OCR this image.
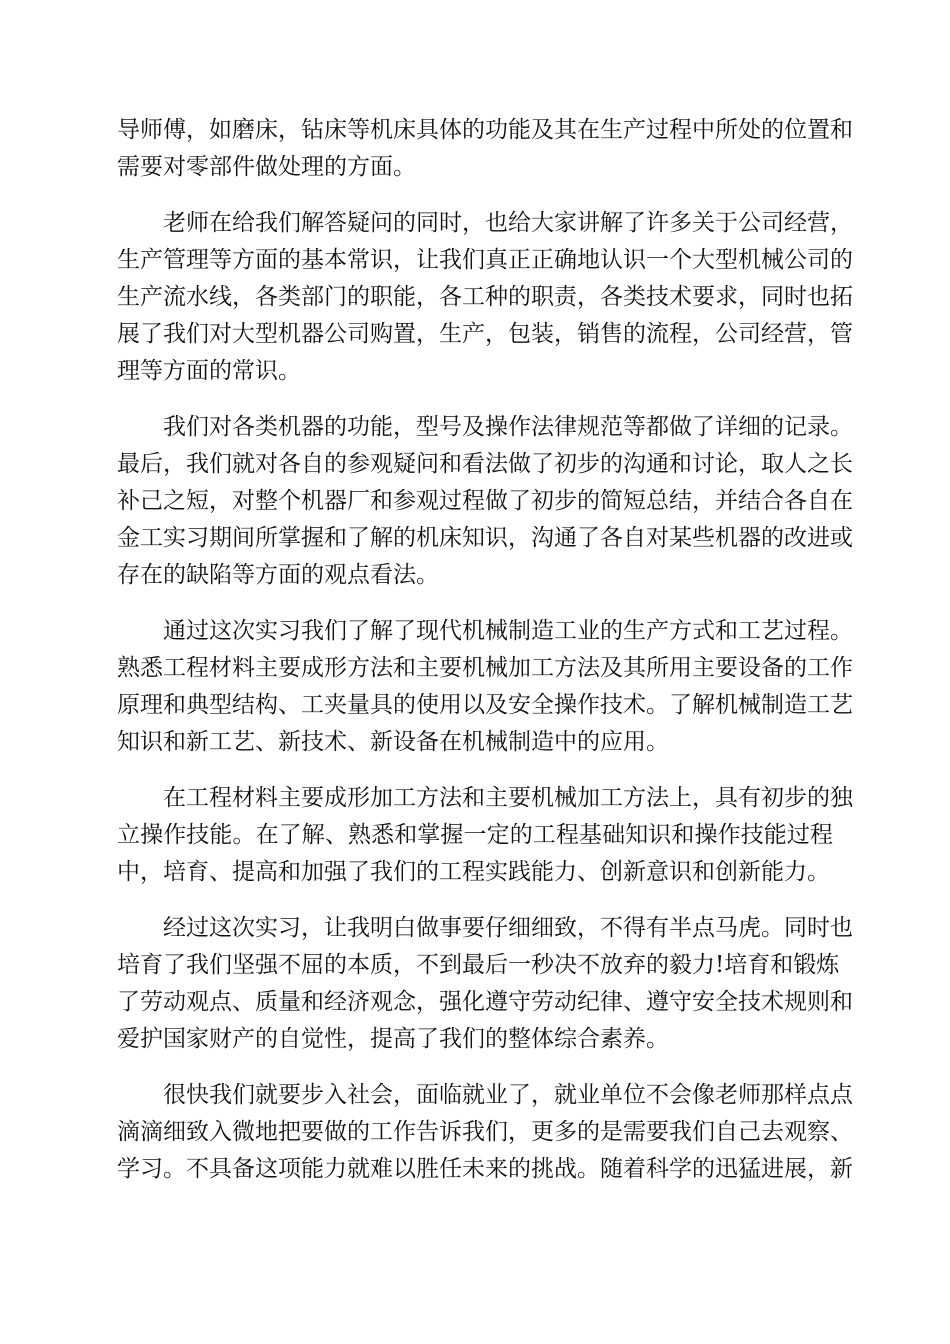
导师傅，如磨床，钻床等机床具体的功能及其在生产过程中所处的位置和
需要对零部件做处理的方面。
老师在给我们解答疑问的同时，也给大家讲解了许多关于公司经营，
生产管理等方面的基本常识，让我们真正正确地认识一个大型机械公司的
生产流水线，各类部门的职能，各工种的职责，各类技术要求，同时也拓
展了我们对大型机器公司购置，生产，包装，销售的流程，公司经营，管
理等方面的常识。
我们对各类机器的功能，型号及操作法律规范等都做了详细的记录。
最后，我们就对各自的参观疑问和看法做了初步的沟通和讨论，取人之长
补己之短，对整个机器厂和参观过程做了初步的简短总结，并结合各自在
金工实习期间所掌握和了解的机床知识，沟通了各自对某些机器的改进或
存在的缺陷等方面的观点看法。
通过这次实习我们了解了现代机械制造工业的生产方式和工艺过程。
熟悉工程材料主要成形方法和主要机械加工方法及其所用主要设备的工作
原理和典型结构、工夹量具的使用以及安全操作技术。了解机械制造工艺
知识和新工艺、新技术、新设备在机械制造中的应用。
在工程材料主要成形加工方法和主要机械加工方法上，具有初步的独
立操作技能。在了解、熟悉和掌握一定的工程基础知识和操作技能过程
中，培育、提高和加强了我们的工程实践能力、创新意识和创新能力。
经过这次实习，让我明白做事要仔细细致，不得有半点马虎。同时也
培育了我们坚强不屈的本质，不到最后一秒决不放弃的毅力!培育和锻炼
了劳动观点、质量和经济观念，强化遵守劳动纪律、遵守安全技术规则和
爱护国家财产的自觉性，提高了我们的整体综合素养。
很快我们就要步入社会，面临就业了，就业单位不会像老师那样点点
滴滴细致入微地把要做的工作告诉我们，更多的是需要我们自己去观察、
学习。不具备这项能力就难以胜任未来的挑战。随着科学的迅猛进展，新
